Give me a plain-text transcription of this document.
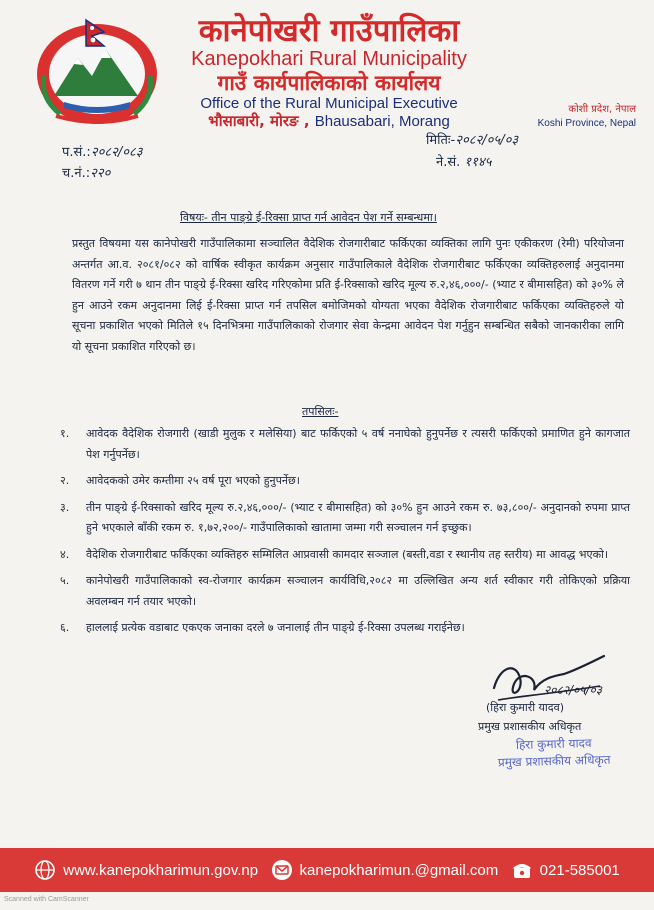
कानेपोखरी गाउँपालिका
Kanepokhari Rural Municipality
गाउँ कार्यपालिकाको कार्यालय
Office of the Rural Municipal Executive
भौसाबारी, मोरङ , Bhausabari, Morang
कोशी प्रदेश, नेपाल
Koshi Province, Nepal
प.सं.:२०८२/०८३
च.नं.:२२०
मितिः-२०८२/०५/०३
ने.सं. ११४५
विषयः- तीन पाङ्ग्रे ई-रिक्सा प्राप्त गर्न आवेदन पेश गर्ने सम्बन्धमा।

प्रस्तुत विषयमा यस कानेपोखरी गाउँपालिकामा सञ्चालित वैदेशिक रोजगारीबाट फर्किएका व्यक्तिका लागि पुनः एकीकरण (रेमी) परियोजना अन्तर्गत आ.व. २०८१/०८२ को वार्षिक स्वीकृत कार्यक्रम अनुसार गाउँपालिकाले वैदेशिक रोजगारीबाट फर्किएका व्यक्तिहरुलाई अनुदानमा वितरण गर्ने गरी ७ थान तीन पाङ्ग्रे ई-रिक्सा खरिद गरिएकोमा प्रति ई-रिक्साको खरिद मूल्य रु.२,४६,०००/- (भ्याट र बीमासहित) को ३०% ले हुन आउने रकम अनुदानमा लिई ई-रिक्सा प्राप्त गर्न तपसिल बमोजिमको योग्यता भएका वैदेशिक रोजगारीबाट फर्किएका व्यक्तिहरुले यो सूचना प्रकाशित भएको मितिले १५ दिनभित्रमा गाउँपालिकाको रोजगार सेवा केन्द्रमा आवेदन पेश गर्नुहुन सम्बन्धित सबैको जानकारीका लागि यो सूचना प्रकाशित गरिएको छ।

तपसिलः-
१.	आवेदक वैदेशिक रोजगारी (खाडी मुलुक र मलेसिया) बाट फर्किएको ५ वर्ष ननाघेको हुनुपर्नेछ र त्यसरी फर्किएको प्रमाणित हुने कागजात पेश गर्नुपर्नेछ।
२.	आवेदकको उमेर कम्तीमा २५ वर्ष पूरा भएको हुनुपर्नेछ।
३.	तीन पाङ्ग्रे ई-रिक्साको खरिद मूल्य रु.२,४६,०००/- (भ्याट र बीमासहित) को ३०% हुन आउने रकम रु. ७३,८००/- अनुदानको रुपमा प्राप्त हुने भएकाले बाँकी रकम रु. १,७२,२००/- गाउँपालिकाको खातामा जम्मा गरी सञ्चालन गर्न इच्छुक।
४.	वैदेशिक रोजगारीबाट फर्किएका व्यक्तिहरु सम्मिलित आप्रवासी कामदार सञ्जाल (बस्ती,वडा र स्थानीय तह स्तरीय) मा आवद्ध भएको।
५.	कानेपोखरी गाउँपालिकाको स्व-रोजगार कार्यक्रम सञ्चालन कार्यविधि,२०८२ मा उल्लिखित अन्य शर्त स्वीकार गरी तोकिएको प्रक्रिया अवलम्बन गर्न तयार भएको।
६.	हाललाई प्रत्येक वडाबाट एकएक जनाका दरले ७ जनालाई तीन पाङ्ग्रे ई-रिक्सा उपलब्ध गराईनेछ।
२०८२/०५/०३
(हिरा कुमारी यादव)
प्रमुख प्रशासकीय अधिकृत
हिरा कुमारी यादव
प्रमुख प्रशासकीय अधिकृत
www.kanepokharimun.gov.np	kanepokharimun.@gmail.com	021-585001
Scanned with CamScanner
